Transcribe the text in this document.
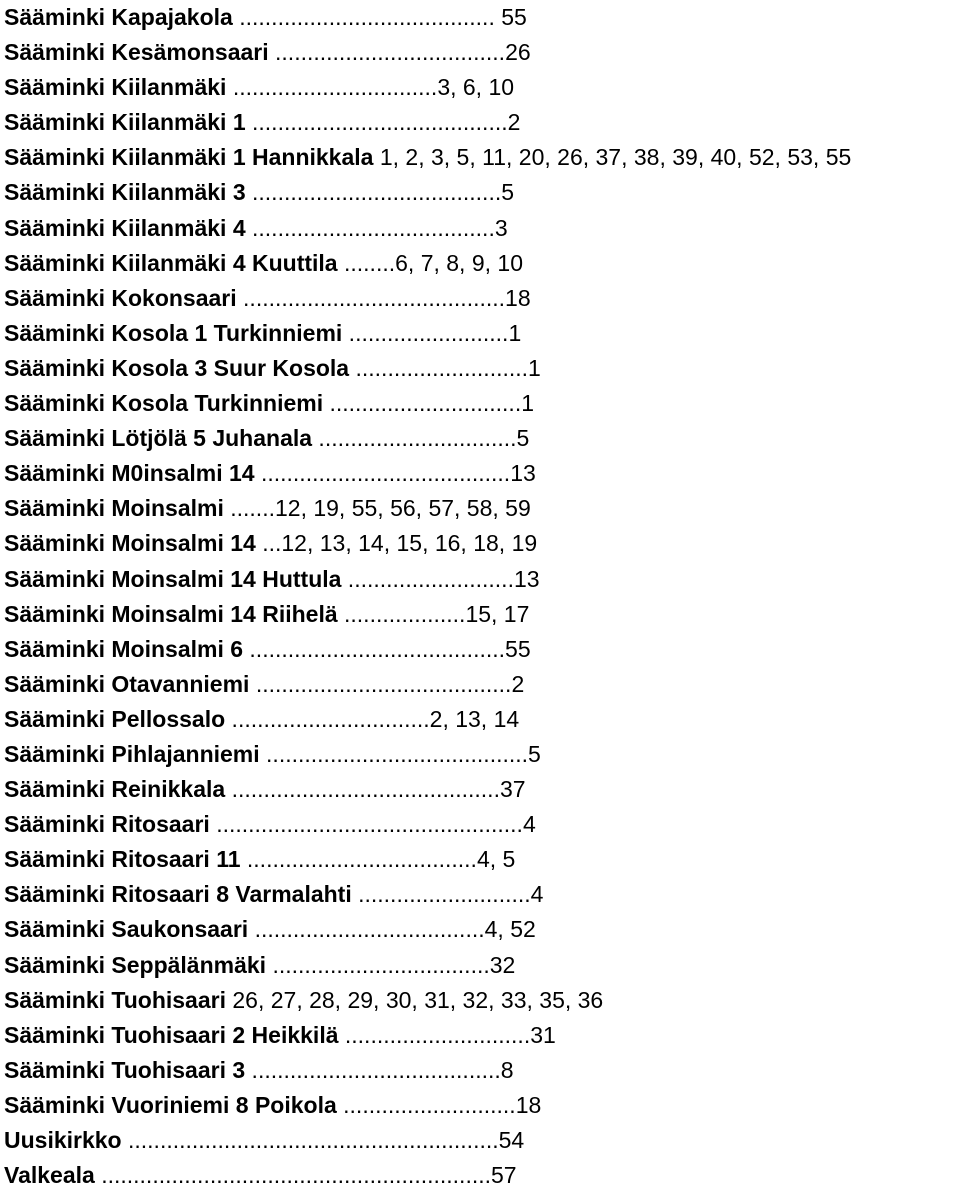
Sääminki Kapajakola ........................................ 55
Sääminki Kesämonsaari ....................................26
Sääminki Kiilanmäki ................................3, 6, 10
Sääminki Kiilanmäki 1 ........................................2
Sääminki Kiilanmäki 1 Hannikkala 1, 2, 3, 5, 11, 20, 26, 37, 38, 39, 40, 52, 53, 55
Sääminki Kiilanmäki 3 .......................................5
Sääminki Kiilanmäki 4 ......................................3
Sääminki Kiilanmäki 4 Kuuttila ........6, 7, 8, 9, 10
Sääminki Kokonsaari .........................................18
Sääminki Kosola 1 Turkinniemi .........................1
Sääminki Kosola 3 Suur Kosola ...........................1
Sääminki Kosola Turkinniemi ..............................1
Sääminki Lötjölä 5 Juhanala ...............................5
Sääminki M0insalmi 14 .......................................13
Sääminki Moinsalmi .......12, 19, 55, 56, 57, 58, 59
Sääminki Moinsalmi 14 ...12, 13, 14, 15, 16, 18, 19
Sääminki Moinsalmi 14 Huttula ..........................13
Sääminki Moinsalmi 14 Riihelä ...................15, 17
Sääminki Moinsalmi 6 ........................................55
Sääminki Otavanniemi ........................................2
Sääminki Pellossalo ...............................2, 13, 14
Sääminki Pihlajanniemi .........................................5
Sääminki Reinikkala ..........................................37
Sääminki Ritosaari ................................................4
Sääminki Ritosaari 11 ....................................4, 5
Sääminki Ritosaari 8 Varmalahti ...........................4
Sääminki Saukonsaari ....................................4, 52
Sääminki Seppälänmäki ..................................32
Sääminki Tuohisaari 26, 27, 28, 29, 30, 31, 32, 33, 35, 36
Sääminki Tuohisaari 2 Heikkilä .............................31
Sääminki Tuohisaari 3 .......................................8
Sääminki Vuoriniemi 8 Poikola ...........................18
Uusikirkko ..........................................................54
Valkeala .............................................................57
